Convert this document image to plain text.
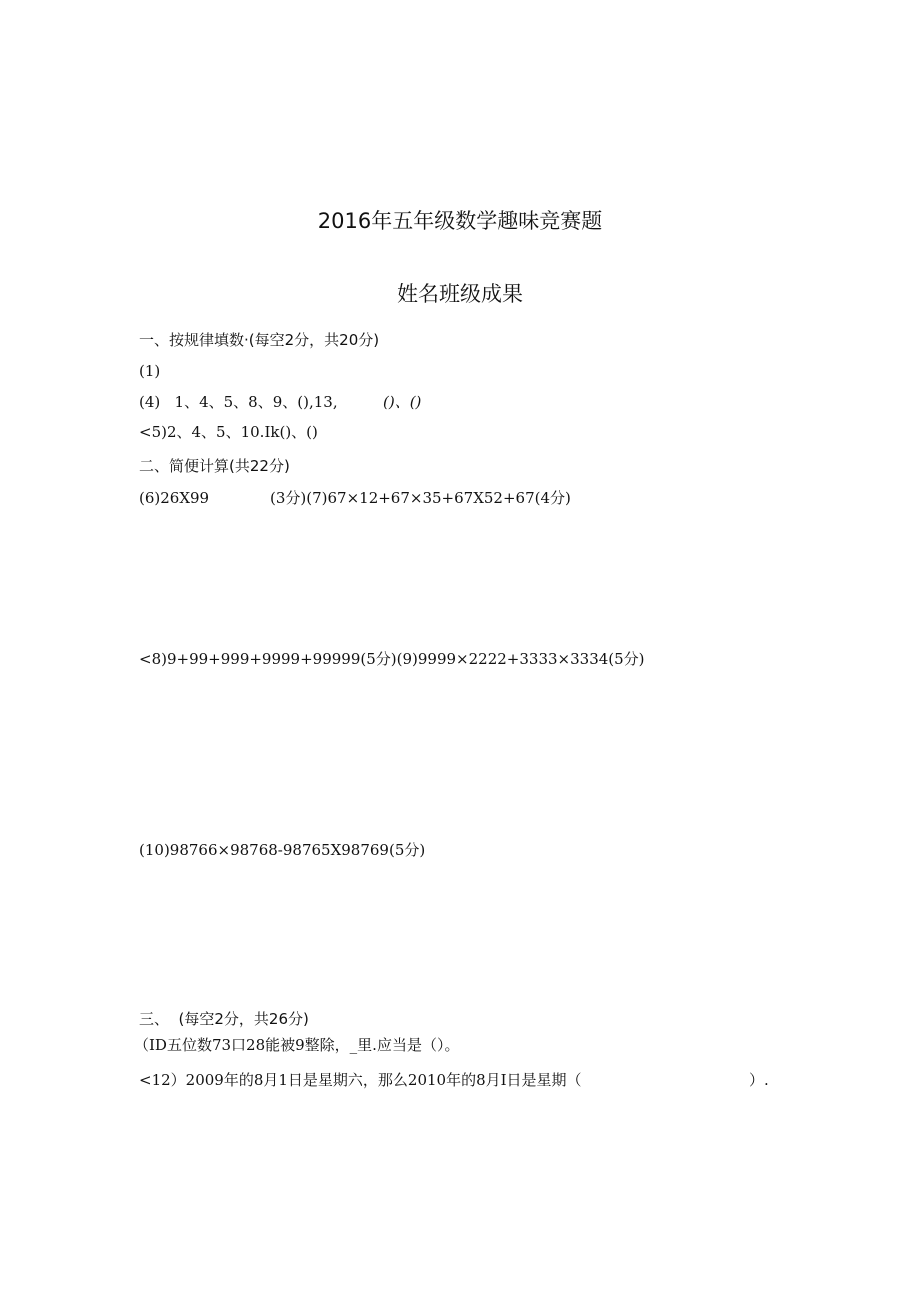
2016年五年级数学趣味竞赛题
姓名班级成果
一、按规律填数·(每空2分，共20分)
(1)
(4)   1、4、5、8、9、(),13,	()、()
<5)2、4、5、10.Ik()、()
二、简便计算(共22分)
(6)26X99	(3分)(7)67×12+67×35+67X52+67(4分)
<8)9+99+999+9999+99999(5分)(9)9999×2222+3333×3334(5分)
(10)98766×98768-98765X98769(5分)
三、  (每空2分，共26分)
（ID五位数73口28能被9整除，_里.应当是（）。
<12）2009年的8月1日是星期六，那么2010年的8月I日是星期（	）.
